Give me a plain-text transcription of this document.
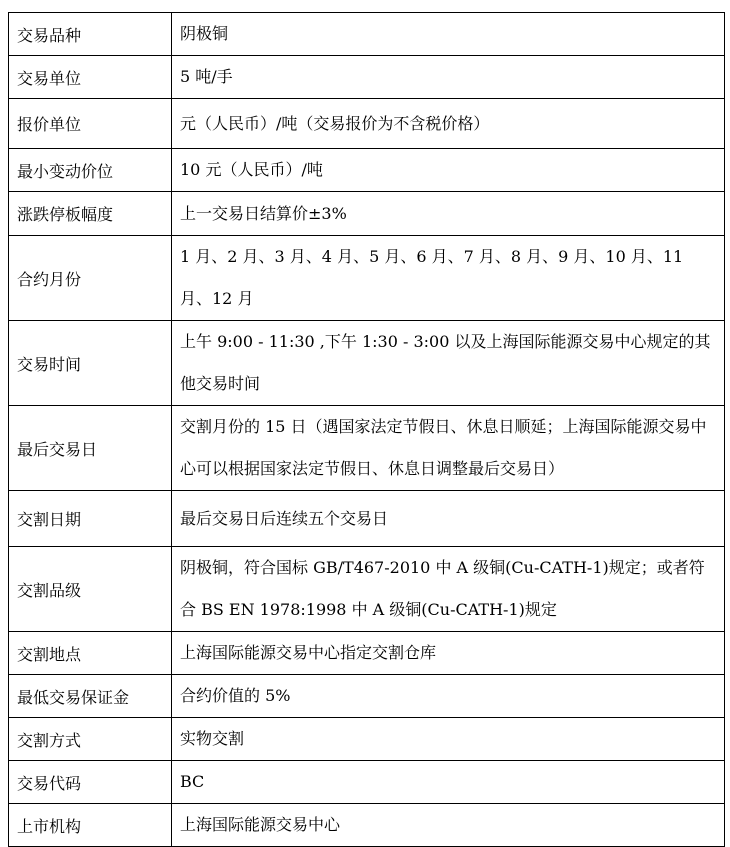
交易品种	阴极铜
交易单位	5 吨/手
报价单位	元（人民币）/吨（交易报价为不含税价格）
最小变动价位	10 元（人民币）/吨
涨跌停板幅度	上一交易日结算价±3%
合约月份	1 月、2 月、3 月、4 月、5 月、6 月、7 月、8 月、9 月、10 月、11 月、12 月
交易时间	上午 9:00 - 11:30 ,下午 1:30 - 3:00 以及上海国际能源交易中心规定的其他交易时间
最后交易日	交割月份的 15 日（遇国家法定节假日、休息日顺延；上海国际能源交易中心可以根据国家法定节假日、休息日调整最后交易日）
交割日期	最后交易日后连续五个交易日
交割品级	阴极铜，符合国标 GB/T467-2010 中 A 级铜(Cu-CATH-1)规定；或者符合 BS EN 1978:1998 中 A 级铜(Cu-CATH-1)规定
交割地点	上海国际能源交易中心指定交割仓库
最低交易保证金	合约价值的 5%
交割方式	实物交割
交易代码	BC
上市机构	上海国际能源交易中心
